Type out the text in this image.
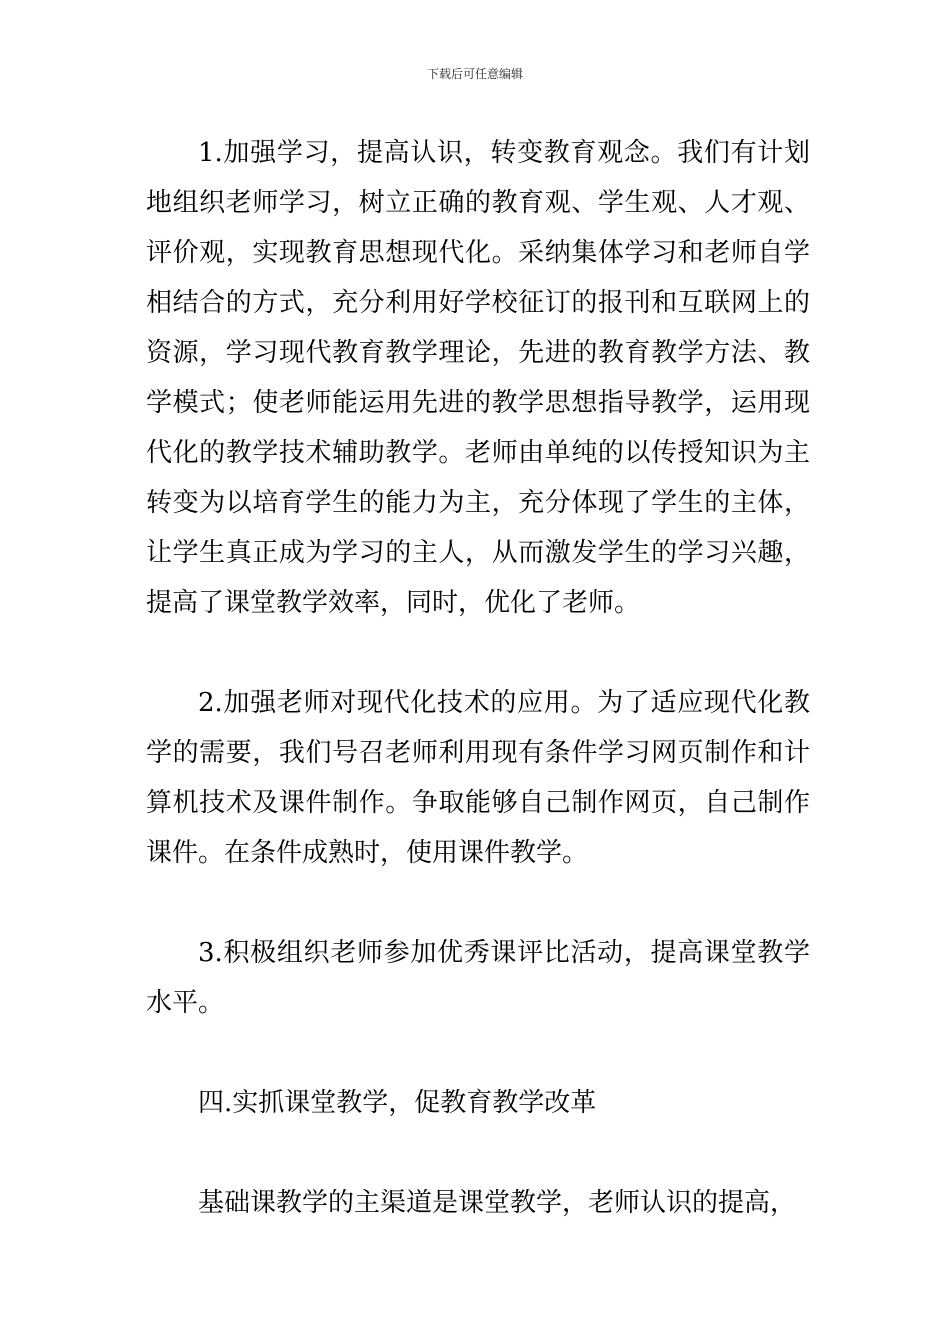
下载后可任意编辑

1.加强学习，提高认识，转变教育观念。我们有计划地组织老师学习，树立正确的教育观、学生观、人才观、评价观，实现教育思想现代化。采纳集体学习和老师自学相结合的方式，充分利用好学校征订的报刊和互联网上的资源，学习现代教育教学理论，先进的教育教学方法、教学模式；使老师能运用先进的教学思想指导教学，运用现代化的教学技术辅助教学。老师由单纯的以传授知识为主转变为以培育学生的能力为主，充分体现了学生的主体，让学生真正成为学习的主人，从而激发学生的学习兴趣，提高了课堂教学效率，同时，优化了老师。

2.加强老师对现代化技术的应用。为了适应现代化教学的需要，我们号召老师利用现有条件学习网页制作和计算机技术及课件制作。争取能够自己制作网页，自己制作课件。在条件成熟时，使用课件教学。

3.积极组织老师参加优秀课评比活动，提高课堂教学水平。

四.实抓课堂教学，促教育教学改革

基础课教学的主渠道是课堂教学，老师认识的提高，
